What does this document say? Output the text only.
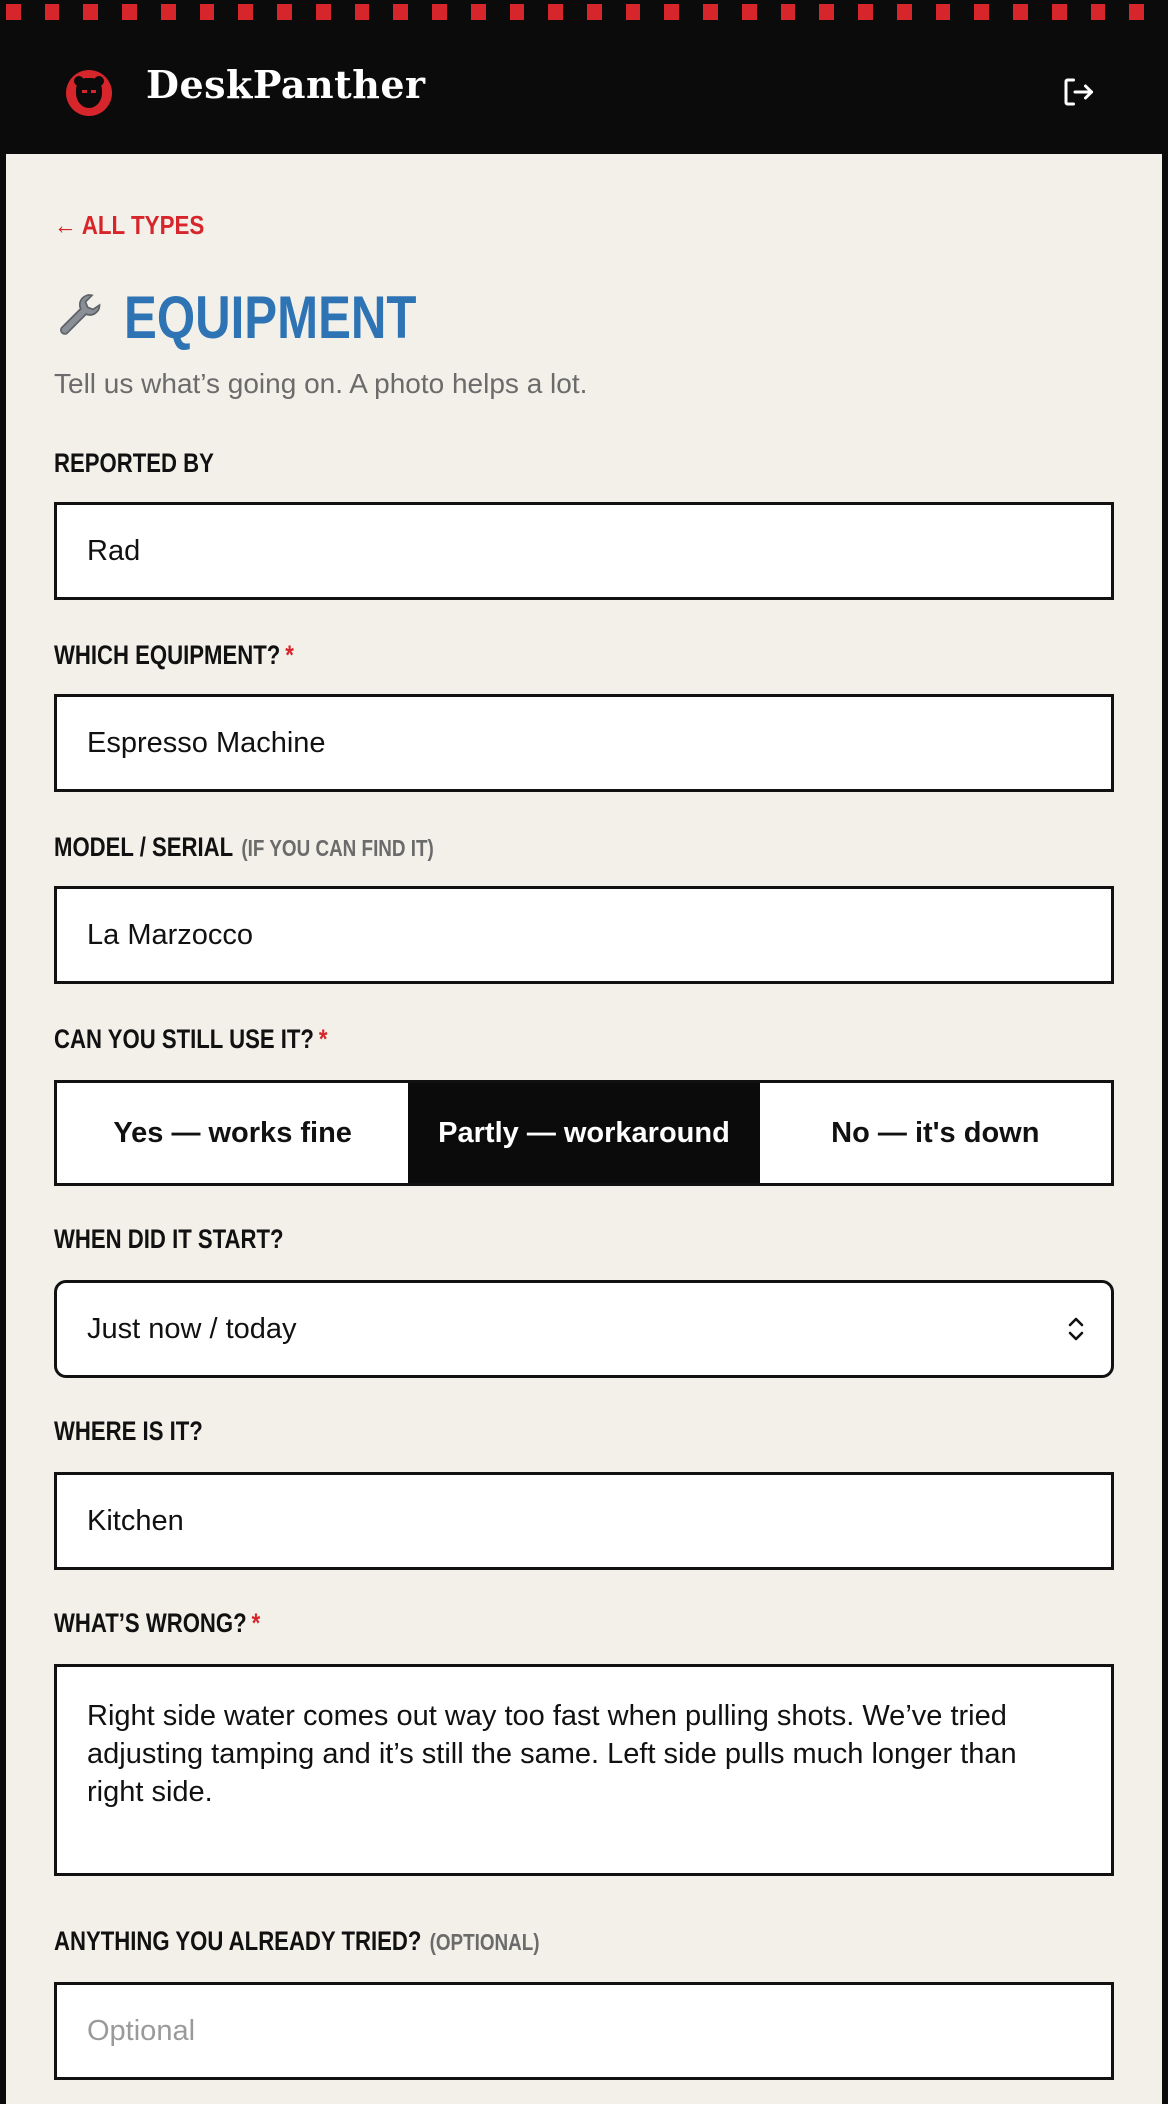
DeskPanther
← ALL TYPES
EQUIPMENT

Tell us what’s going on. A photo helps a lot.

REPORTED BY
Rad
WHICH EQUIPMENT? *
Espresso Machine
MODEL / SERIAL (IF YOU CAN FIND IT)
La Marzocco
CAN YOU STILL USE IT? *
Yes — works fine	Partly — workaround	No — it's down
WHEN DID IT START?
Just now / today
WHERE IS IT?
Kitchen
WHAT’S WRONG? *
Right side water comes out way too fast when pulling shots. We’ve tried adjusting tamping and it’s still the same. Left side pulls much longer than right side.
ANYTHING YOU ALREADY TRIED? (OPTIONAL)
Optional
